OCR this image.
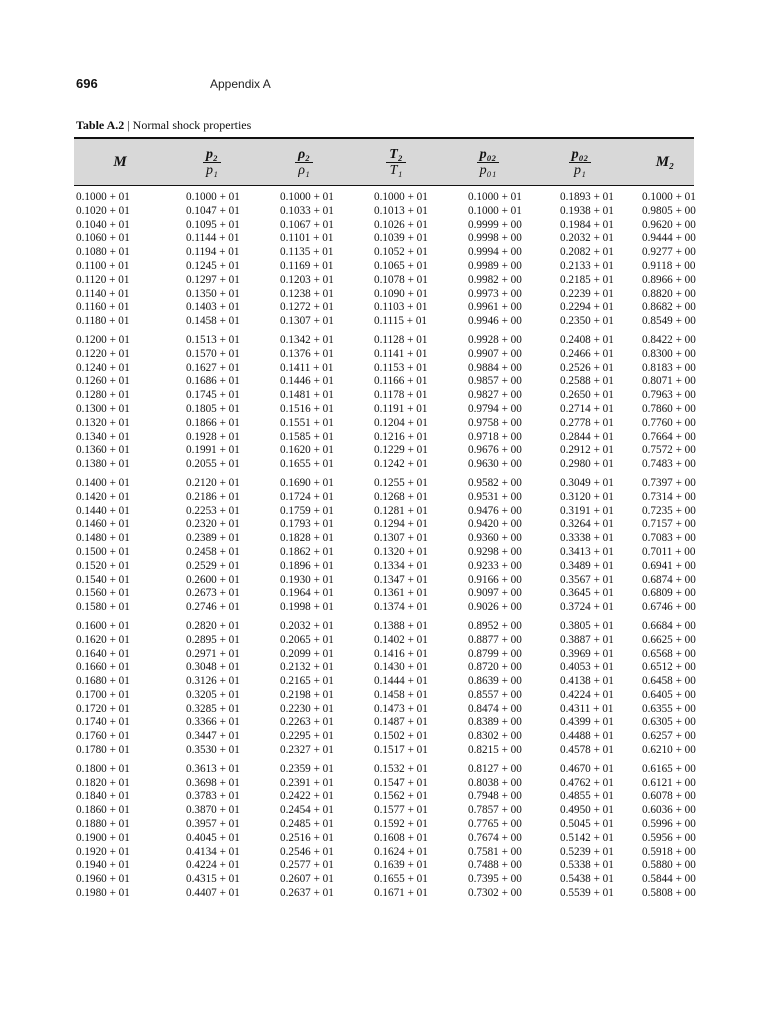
696	Appendix A
Table A.2 | Normal shock properties
M	$\frac{\text{p₂}}{\text{p₁}}$	$\frac{\text{ρ₂}}{\text{ρ₁}}$	$\frac{\text{T₂}}{\text{T₁}}$	$\frac{\text{p₀₂}}{\text{p₀₁}}$	$\frac{\text{p₀₂}}{\text{p₁}}$	M₂
0.1000 + 01	0.1000 + 01	0.1000 + 01	0.1000 + 01	0.1000 + 01	0.1893 + 01	0.1000 + 01
0.1020 + 01	0.1047 + 01	0.1033 + 01	0.1013 + 01	0.1000 + 01	0.1938 + 01	0.9805 + 00
0.1040 + 01	0.1095 + 01	0.1067 + 01	0.1026 + 01	0.9999 + 00	0.1984 + 01	0.9620 + 00
0.1060 + 01	0.1144 + 01	0.1101 + 01	0.1039 + 01	0.9998 + 00	0.2032 + 01	0.9444 + 00
0.1080 + 01	0.1194 + 01	0.1135 + 01	0.1052 + 01	0.9994 + 00	0.2082 + 01	0.9277 + 00
0.1100 + 01	0.1245 + 01	0.1169 + 01	0.1065 + 01	0.9989 + 00	0.2133 + 01	0.9118 + 00
0.1120 + 01	0.1297 + 01	0.1203 + 01	0.1078 + 01	0.9982 + 00	0.2185 + 01	0.8966 + 00
0.1140 + 01	0.1350 + 01	0.1238 + 01	0.1090 + 01	0.9973 + 00	0.2239 + 01	0.8820 + 00
0.1160 + 01	0.1403 + 01	0.1272 + 01	0.1103 + 01	0.9961 + 00	0.2294 + 01	0.8682 + 00
0.1180 + 01	0.1458 + 01	0.1307 + 01	0.1115 + 01	0.9946 + 00	0.2350 + 01	0.8549 + 00
0.1200 + 01	0.1513 + 01	0.1342 + 01	0.1128 + 01	0.9928 + 00	0.2408 + 01	0.8422 + 00
0.1220 + 01	0.1570 + 01	0.1376 + 01	0.1141 + 01	0.9907 + 00	0.2466 + 01	0.8300 + 00
0.1240 + 01	0.1627 + 01	0.1411 + 01	0.1153 + 01	0.9884 + 00	0.2526 + 01	0.8183 + 00
0.1260 + 01	0.1686 + 01	0.1446 + 01	0.1166 + 01	0.9857 + 00	0.2588 + 01	0.8071 + 00
0.1280 + 01	0.1745 + 01	0.1481 + 01	0.1178 + 01	0.9827 + 00	0.2650 + 01	0.7963 + 00
0.1300 + 01	0.1805 + 01	0.1516 + 01	0.1191 + 01	0.9794 + 00	0.2714 + 01	0.7860 + 00
0.1320 + 01	0.1866 + 01	0.1551 + 01	0.1204 + 01	0.9758 + 00	0.2778 + 01	0.7760 + 00
0.1340 + 01	0.1928 + 01	0.1585 + 01	0.1216 + 01	0.9718 + 00	0.2844 + 01	0.7664 + 00
0.1360 + 01	0.1991 + 01	0.1620 + 01	0.1229 + 01	0.9676 + 00	0.2912 + 01	0.7572 + 00
0.1380 + 01	0.2055 + 01	0.1655 + 01	0.1242 + 01	0.9630 + 00	0.2980 + 01	0.7483 + 00
0.1400 + 01	0.2120 + 01	0.1690 + 01	0.1255 + 01	0.9582 + 00	0.3049 + 01	0.7397 + 00
0.1420 + 01	0.2186 + 01	0.1724 + 01	0.1268 + 01	0.9531 + 00	0.3120 + 01	0.7314 + 00
0.1440 + 01	0.2253 + 01	0.1759 + 01	0.1281 + 01	0.9476 + 00	0.3191 + 01	0.7235 + 00
0.1460 + 01	0.2320 + 01	0.1793 + 01	0.1294 + 01	0.9420 + 00	0.3264 + 01	0.7157 + 00
0.1480 + 01	0.2389 + 01	0.1828 + 01	0.1307 + 01	0.9360 + 00	0.3338 + 01	0.7083 + 00
0.1500 + 01	0.2458 + 01	0.1862 + 01	0.1320 + 01	0.9298 + 00	0.3413 + 01	0.7011 + 00
0.1520 + 01	0.2529 + 01	0.1896 + 01	0.1334 + 01	0.9233 + 00	0.3489 + 01	0.6941 + 00
0.1540 + 01	0.2600 + 01	0.1930 + 01	0.1347 + 01	0.9166 + 00	0.3567 + 01	0.6874 + 00
0.1560 + 01	0.2673 + 01	0.1964 + 01	0.1361 + 01	0.9097 + 00	0.3645 + 01	0.6809 + 00
0.1580 + 01	0.2746 + 01	0.1998 + 01	0.1374 + 01	0.9026 + 00	0.3724 + 01	0.6746 + 00
0.1600 + 01	0.2820 + 01	0.2032 + 01	0.1388 + 01	0.8952 + 00	0.3805 + 01	0.6684 + 00
0.1620 + 01	0.2895 + 01	0.2065 + 01	0.1402 + 01	0.8877 + 00	0.3887 + 01	0.6625 + 00
0.1640 + 01	0.2971 + 01	0.2099 + 01	0.1416 + 01	0.8799 + 00	0.3969 + 01	0.6568 + 00
0.1660 + 01	0.3048 + 01	0.2132 + 01	0.1430 + 01	0.8720 + 00	0.4053 + 01	0.6512 + 00
0.1680 + 01	0.3126 + 01	0.2165 + 01	0.1444 + 01	0.8639 + 00	0.4138 + 01	0.6458 + 00
0.1700 + 01	0.3205 + 01	0.2198 + 01	0.1458 + 01	0.8557 + 00	0.4224 + 01	0.6405 + 00
0.1720 + 01	0.3285 + 01	0.2230 + 01	0.1473 + 01	0.8474 + 00	0.4311 + 01	0.6355 + 00
0.1740 + 01	0.3366 + 01	0.2263 + 01	0.1487 + 01	0.8389 + 00	0.4399 + 01	0.6305 + 00
0.1760 + 01	0.3447 + 01	0.2295 + 01	0.1502 + 01	0.8302 + 00	0.4488 + 01	0.6257 + 00
0.1780 + 01	0.3530 + 01	0.2327 + 01	0.1517 + 01	0.8215 + 00	0.4578 + 01	0.6210 + 00
0.1800 + 01	0.3613 + 01	0.2359 + 01	0.1532 + 01	0.8127 + 00	0.4670 + 01	0.6165 + 00
0.1820 + 01	0.3698 + 01	0.2391 + 01	0.1547 + 01	0.8038 + 00	0.4762 + 01	0.6121 + 00
0.1840 + 01	0.3783 + 01	0.2422 + 01	0.1562 + 01	0.7948 + 00	0.4855 + 01	0.6078 + 00
0.1860 + 01	0.3870 + 01	0.2454 + 01	0.1577 + 01	0.7857 + 00	0.4950 + 01	0.6036 + 00
0.1880 + 01	0.3957 + 01	0.2485 + 01	0.1592 + 01	0.7765 + 00	0.5045 + 01	0.5996 + 00
0.1900 + 01	0.4045 + 01	0.2516 + 01	0.1608 + 01	0.7674 + 00	0.5142 + 01	0.5956 + 00
0.1920 + 01	0.4134 + 01	0.2546 + 01	0.1624 + 01	0.7581 + 00	0.5239 + 01	0.5918 + 00
0.1940 + 01	0.4224 + 01	0.2577 + 01	0.1639 + 01	0.7488 + 00	0.5338 + 01	0.5880 + 00
0.1960 + 01	0.4315 + 01	0.2607 + 01	0.1655 + 01	0.7395 + 00	0.5438 + 01	0.5844 + 00
0.1980 + 01	0.4407 + 01	0.2637 + 01	0.1671 + 01	0.7302 + 00	0.5539 + 01	0.5808 + 00
